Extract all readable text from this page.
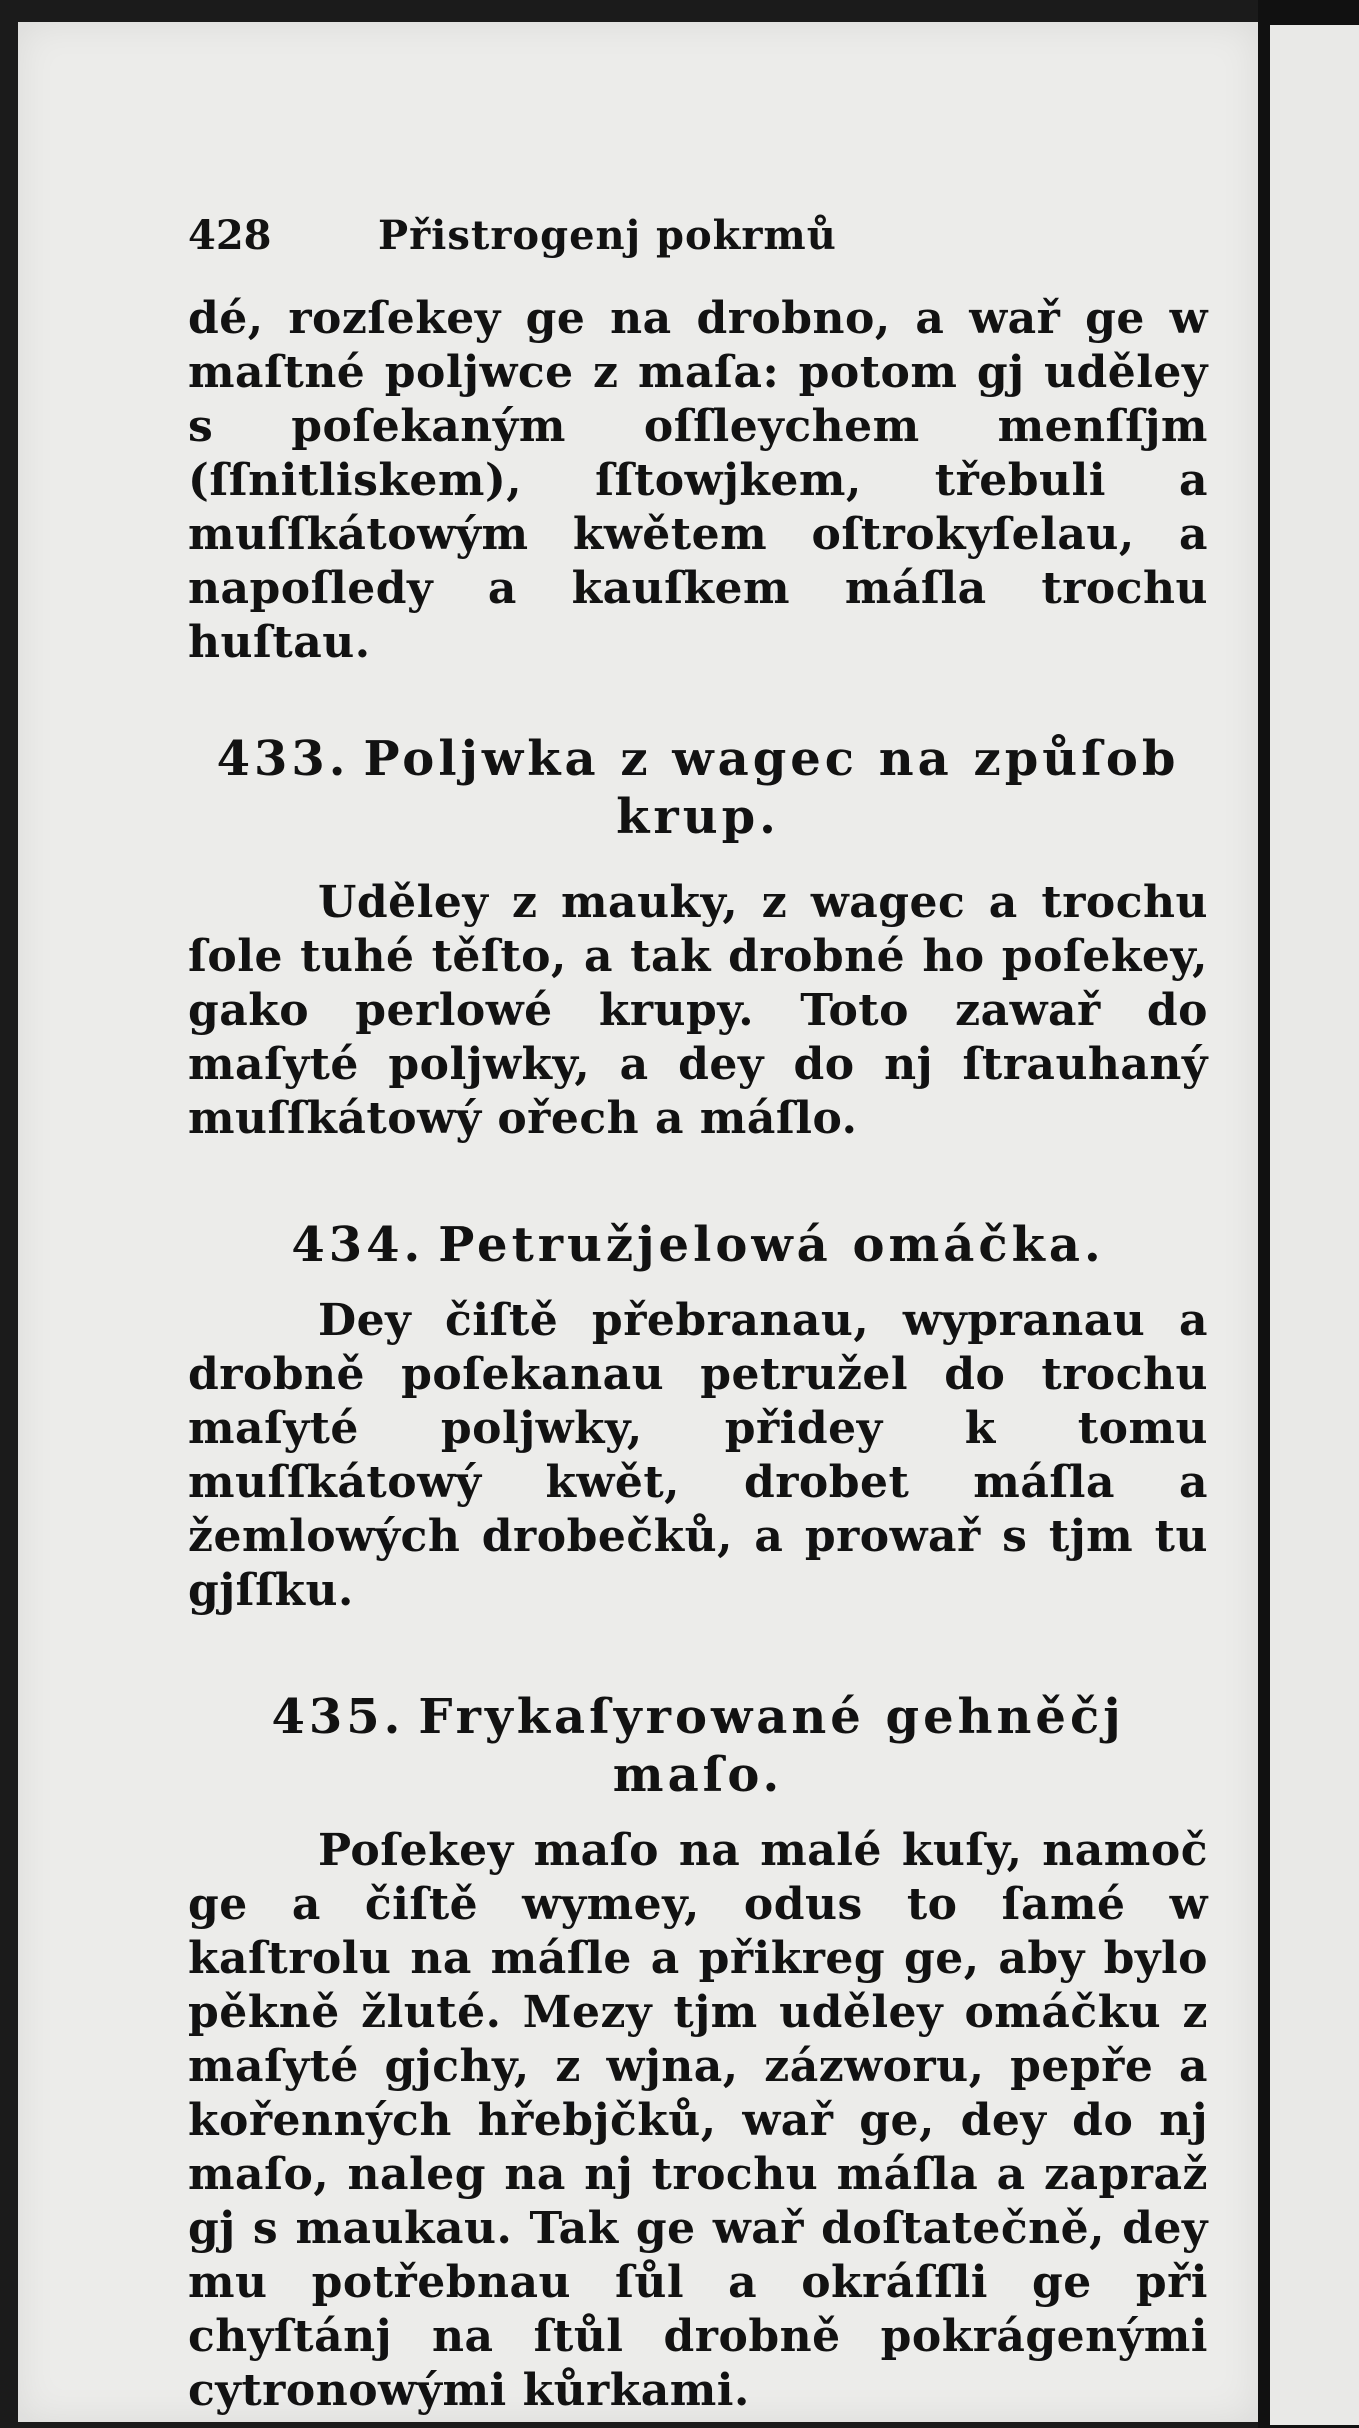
428	Přistrogenj pokrmů

dé, rozſekey ge na drobno, a wař ge w maſtné poljwce z maſa: potom gj uděley s poſekaným oſſleychem menſſjm (ſſnitliskem), ſſtowjkem, třebuli a muſſkátowým kwětem oſtrokyſelau, a napoſledy a kauſkem máſla trochu huſtau.

433. Poljwka z wagec na způſob krup.

Uděley z mauky, z wagec a trochu ſole tuhé těſto, a tak drobné ho poſekey, gako perlowé krupy. Toto zawař do maſyté poljwky, a dey do nj ſtrauhaný muſſkátowý ořech a máſlo.

434. Petružjelowá omáčka.

Dey čiſtě přebranau, wypranau a drobně poſekanau petružel do trochu maſyté poljwky, přidey k tomu muſſkátowý kwět, drobet máſla a žemlowých drobečků, a prowař s tjm tu gjſſku.

435. Frykaſyrowané gehněčj maſo.

Poſekey maſo na malé kuſy, namoč ge a čiſtě wymey, odus to ſamé w kaſtrolu na máſle a přikreg ge, aby bylo pěkně žluté. Mezy tjm uděley omáčku z maſyté gjchy, z wjna, zázworu, pepře a kořenných hřebjčků, wař ge, dey do nj maſo, naleg na nj trochu máſla a zapraž gj s maukau. Tak ge wař doſtatečně, dey mu potřebnau ſůl a okráſſli ge při chyſtánj na ſtůl drobně pokrágenými cytronowými kůrkami.
